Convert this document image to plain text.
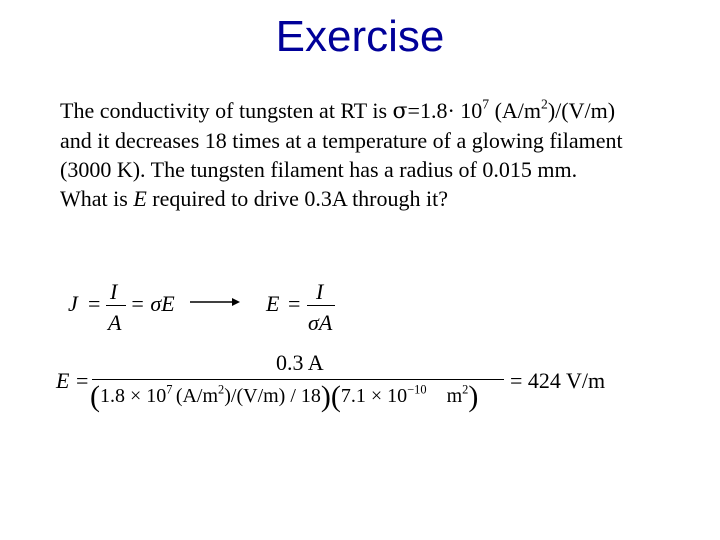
Exercise

The conductivity of tungsten at RT is $\sigma=1.8\cdot 10^7$ $(A/m^2)/(V/m)$

and it decreases 18 times at a temperature of a glowing filament

(3000 K). The tungsten filament has a radius of 0.015 mm.

What is E required to drive 0.3A through it?

J = I
A
= σE	E = I
σA
E =
0.3 A
($1.8 \times 10^7$   $(A/m^2)/(V/m) / 18)(7.1 \times 10^{-10}$  $m^2) = 424$ V/m
